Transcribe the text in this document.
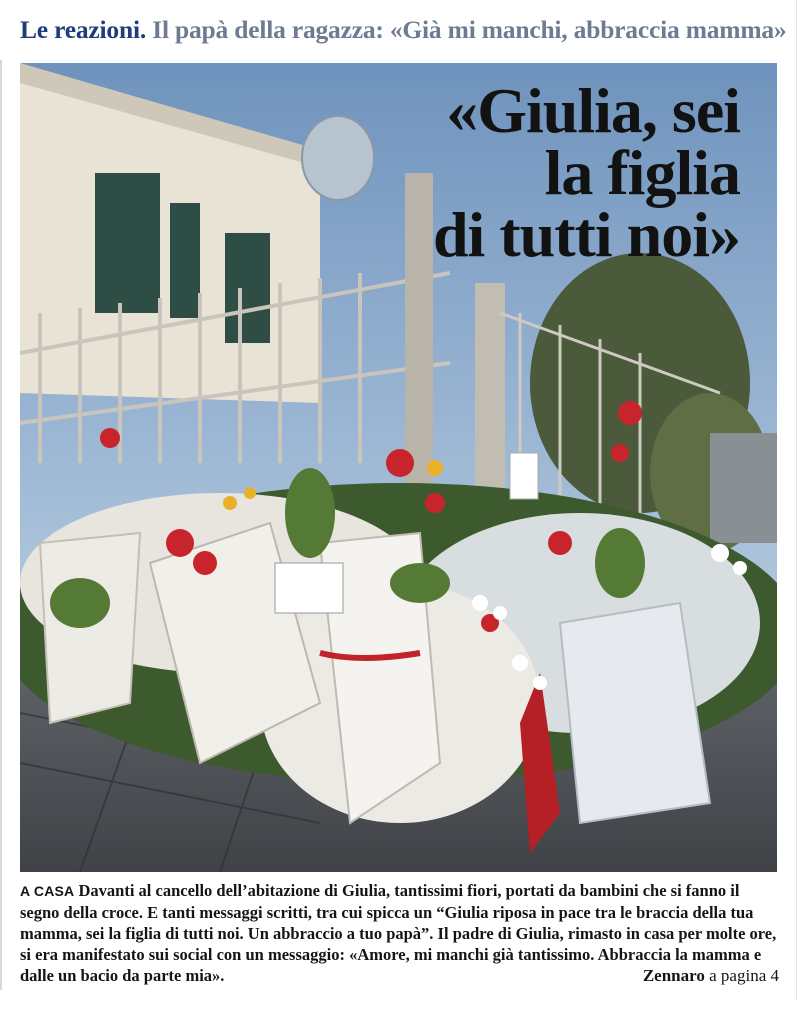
Le reazioni. Il papà della ragazza: «Già mi manchi, abbraccia mamma»
«Giulia, sei
la figlia
di tutti noi»
A CASA Davanti al cancello dell’abitazione di Giulia, tantissimi fiori, portati da bambini che si fanno il segno della croce. E tanti messaggi scritti, tra cui spicca un “Giulia riposa in pace tra le braccia della tua mamma, sei la figlia di tutti noi. Un abbraccio a tuo papà”. Il padre di Giulia, rimasto in casa per molte ore, si era manifestato sui social con un messaggio: «Amore, mi manchi già tantissimo. Abbraccia la mamma e dalle un bacio da parte mia».	Zennaro a pagina 4
